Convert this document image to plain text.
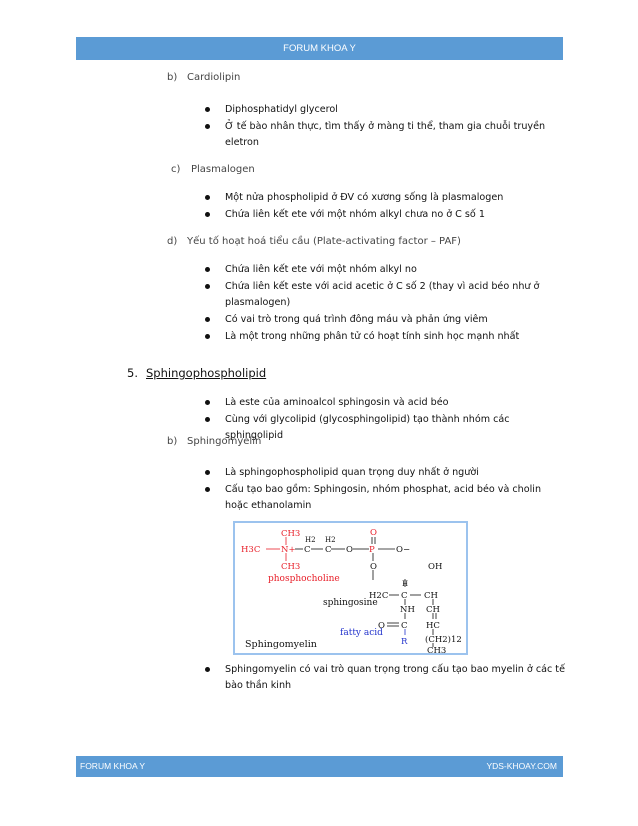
FORUM KHOA Y
b) Cardiolipin
Diphosphatidyl glycerol
Ở tế bào nhân thực, tìm thấy ở màng ti thể, tham gia chuỗi truyền eletron
c) Plasmalogen
Một nửa phospholipid ở ĐV có xương sống là plasmalogen
Chứa liên kết ete với một nhóm alkyl chưa no ở C số 1
d) Yếu tố hoạt hoá tiểu cầu (Plate-activating factor – PAF)
Chứa liên kết ete với một nhóm alkyl no
Chứa liên kết este với acid acetic ở C số 2 (thay vì acid béo như ở plasmalogen)
Có vai trò trong quá trình đông máu và phản ứng viêm
Là một trong những phân tử có hoạt tính sinh học mạnh nhất
5. Sphingophospholipid
Là este của aminoalcol sphingosin và acid béo
Cùng với glycolipid (glycosphingolipid) tạo thành nhóm các sphingolipid
b) Sphingomyelin
Là sphingophospholipid quan trọng duy nhất ở người
Cấu tạo bao gồm: Sphingosin, nhóm phosphat, acid béo và cholin hoặc ethanolamin
CH3
H3C N+
CH3
H2 H2
C C O P	O−
O
O
phosphocholine
OH
H2C
H
C CH
sphingosine
NH CH
O C HC
fatty acid
R (CH2)12
CH3
Sphingomyelin
Sphingomyelin có vai trò quan trọng trong cấu tạo bao myelin ở các tế bào thần kinh
FORUM KHOA Y	YDS-KHOAY.COM
